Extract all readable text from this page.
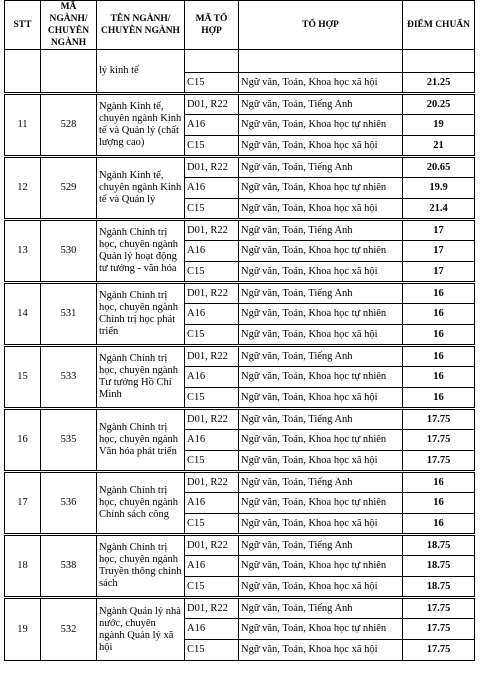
STT	MÃ NGÀNH/ CHUYÊN NGÀNH	TÊN NGÀNH/ CHUYÊN NGÀNH	MÃ TỔ HỢP	TỔ HỢP	ĐIỂM CHUẨN
		lý kinh tế			
			C15	Ngữ văn, Toán, Khoa học xã hội	21.25
11	528	Ngành Kinh tế, chuyên ngành Kinh tế và Quản lý (chất lượng cao)	D01, R22	Ngữ văn, Toán, Tiếng Anh	20.25
			A16	Ngữ văn, Toán, Khoa học tự nhiên	19
			C15	Ngữ văn, Toán, Khoa học xã hội	21
12	529	Ngành Kinh tế, chuyên ngành Kinh tế và Quản lý	D01, R22	Ngữ văn, Toán, Tiếng Anh	20.65
			A16	Ngữ văn, Toán, Khoa học tự nhiên	19.9
			C15	Ngữ văn, Toán, Khoa học xã hội	21.4
13	530	Ngành Chính trị học, chuyên ngành Quản lý hoạt động tư tưởng - văn hóa	D01, R22	Ngữ văn, Toán, Tiếng Anh	17
			A16	Ngữ văn, Toán, Khoa học tự nhiên	17
			C15	Ngữ văn, Toán, Khoa học xã hội	17
14	531	Ngành Chính trị học, chuyên ngành Chính trị học phát triển	D01, R22	Ngữ văn, Toán, Tiếng Anh	16
			A16	Ngữ văn, Toán, Khoa học tự nhiên	16
			C15	Ngữ văn, Toán, Khoa học xã hội	16
15	533	Ngành Chính trị học, chuyên ngành Tư tưởng Hồ Chí Minh	D01, R22	Ngữ văn, Toán, Tiếng Anh	16
			A16	Ngữ văn, Toán, Khoa học tự nhiên	16
			C15	Ngữ văn, Toán, Khoa học xã hội	16
16	535	Ngành Chính trị học, chuyên ngành Văn hóa phát triển	D01, R22	Ngữ văn, Toán, Tiếng Anh	17.75
			A16	Ngữ văn, Toán, Khoa học tự nhiên	17.75
			C15	Ngữ văn, Toán, Khoa học xã hội	17.75
17	536	Ngành Chính trị học, chuyên ngành Chính sách công	D01, R22	Ngữ văn, Toán, Tiếng Anh	16
			A16	Ngữ văn, Toán, Khoa học tự nhiên	16
			C15	Ngữ văn, Toán, Khoa học xã hội	16
18	538	Ngành Chính trị học, chuyên ngành Truyền thông chính sách	D01, R22	Ngữ văn, Toán, Tiếng Anh	18.75
			A16	Ngữ văn, Toán, Khoa học tự nhiên	18.75
			C15	Ngữ văn, Toán, Khoa học xã hội	18.75
19	532	Ngành Quản lý nhà nước, chuyên ngành Quản lý xã hội	D01, R22	Ngữ văn, Toán, Tiếng Anh	17.75
			A16	Ngữ văn, Toán, Khoa học tự nhiên	17.75
			C15	Ngữ văn, Toán, Khoa học xã hội	17.75
